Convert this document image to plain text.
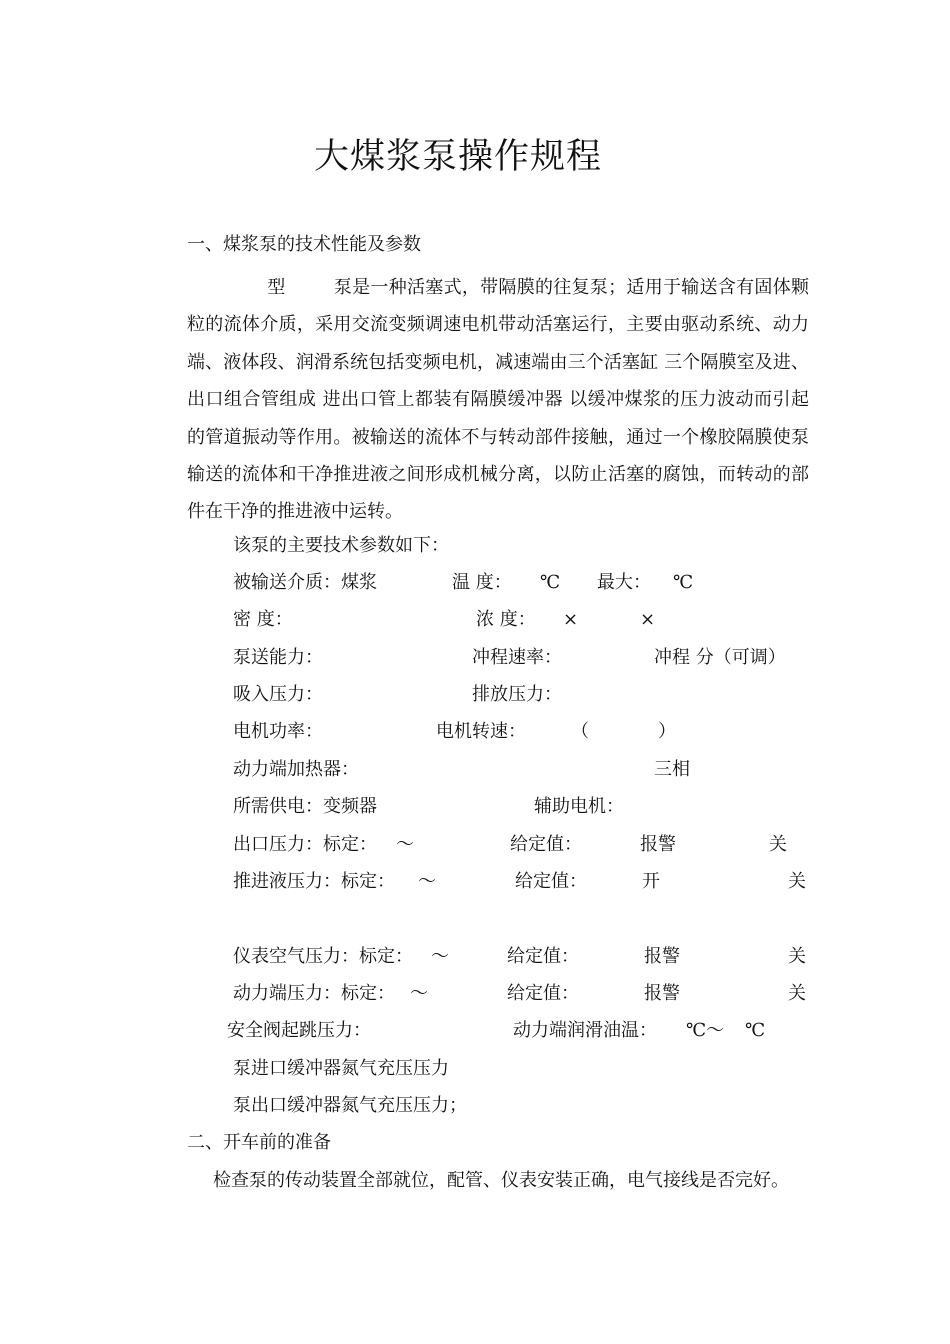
大煤浆泵操作规程
一、煤浆泵的技术性能及参数
型	泵是一种活塞式，带隔膜的往复泵；适用于输送含有固体颗粒的流体介质，采用交流变频调速电机带动活塞运行，主要由驱动系统、动力端、液体段、润滑系统包括变频电机，减速端由三个活塞缸 三个隔膜室及进、出口组合管组成 进出口管上都装有隔膜缓冲器 以缓冲煤浆的压力波动而引起的管道振动等作用。被输送的流体不与转动部件接触，通过一个橡胶隔膜使泵输送的流体和干净推进液之间形成机械分离，以防止活塞的腐蚀，而转动的部件在干净的推进液中运转。
该泵的主要技术参数如下：
被输送介质：煤浆	温 度： ℃ 最大： ℃
密 度：	浓 度： ×	×
泵送能力：	冲程速率：	冲程 分（可调）
吸入压力：	排放压力：
电机功率：	电机转速：	（	）
动力端加热器：	三相
所需供电：变频器	辅助电机：
出口压力：标定： ～	给定值：	报警	关
推进液压力：标定： ～	给定值：	开	关
仪表空气压力：标定： ～	给定值：	报警	关
动力端压力：标定： ～	给定值：	报警	关
安全阀起跳压力：	动力端润滑油温： ℃～ ℃
泵进口缓冲器氮气充压压力
泵出口缓冲器氮气充压压力；
二、开车前的准备
检查泵的传动装置全部就位，配管、仪表安装正确，电气接线是否完好。
